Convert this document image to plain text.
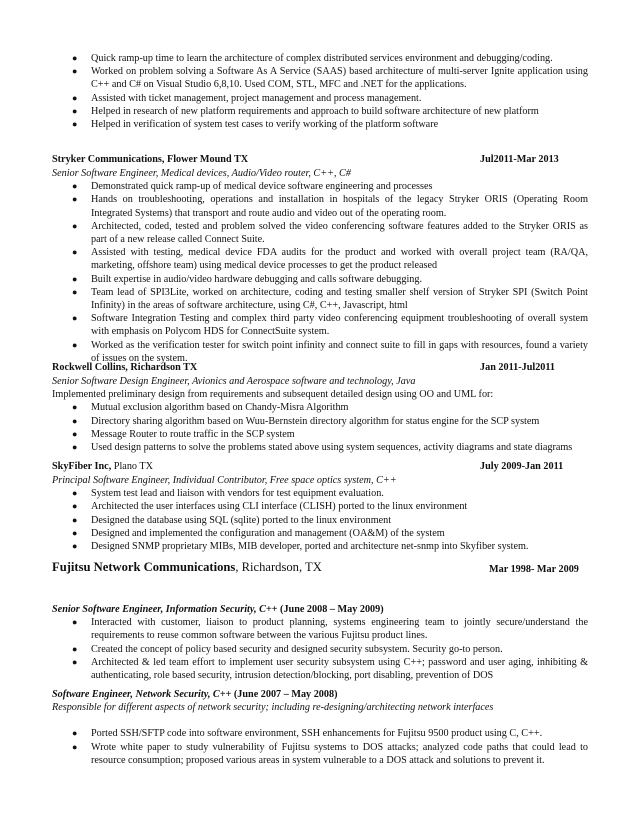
● Quick ramp-up time to learn the architecture of complex distributed services environment and debugging/coding.
● Worked on problem solving a Software As A Service (SAAS) based architecture of multi-server Ignite application using C++ and C# on Visual Studio 6,8,10. Used COM, STL, MFC and .NET for the applications.
● Assisted with ticket management, project management and process management.
● Helped in research of new platform requirements and approach to build software architecture of new platform
● Helped in verification of system test cases to verify working of the platform software
Stryker Communications, Flower Mound TX	Jul2011-Mar 2013
Senior Software Engineer, Medical devices, Audio/Video router, C++, C#
● Demonstrated quick ramp-up of medical device software engineering and processes
● Hands on troubleshooting, operations and installation in hospitals of the legacy Stryker ORIS (Operating Room Integrated Systems) that transport and route audio and video out of the operating room.
● Architected, coded, tested and problem solved the video conferencing software features added to the Stryker ORIS as part of a new release called Connect Suite.
● Assisted with testing, medical device FDA audits for the product and worked with overall project team (RA/QA, marketing, offshore team) using medical device processes to get the product released
● Built expertise in audio/video hardware debugging and calls software debugging.
● Team lead of SPI3Lite, worked on architecture, coding and testing smaller shelf version of Stryker SPI (Switch Point Infinity) in the areas of software architecture, using C#, C++, Javascript, html
● Software Integration Testing and complex third party video conferencing equipment troubleshooting of overall system with emphasis on Polycom HDS for ConnectSuite system.
● Worked as the verification tester for switch point infinity and connect suite to fill in gaps with resources, found a variety of issues on the system.
Rockwell Collins, Richardson TX	Jan 2011-Jul2011
Senior Software Design Engineer, Avionics and Aerospace software and technology, Java
Implemented preliminary design from requirements and subsequent detailed design using OO and UML for:
● Mutual exclusion algorithm based on Chandy-Misra Algorithm
● Directory sharing algorithm based on Wuu-Bernstein directory algorithm for status engine for the SCP system
● Message Router to route traffic in the SCP system
● Used design patterns to solve the problems stated above using system sequences, activity diagrams and state diagrams
SkyFiber Inc, Plano TX	July 2009-Jan 2011
Principal Software Engineer, Individual Contributor, Free space optics system, C++
● System test lead and liaison with vendors for test equipment evaluation.
● Architected the user interfaces using CLI interface (CLISH) ported to the linux environment
● Designed the database using SQL (sqlite) ported to the linux environment
● Designed and implemented the configuration and management (OA&M) of the system
● Designed SNMP proprietary MIBs, MIB developer, ported and architecture net-snmp into Skyfiber system.
Fujitsu Network Communications, Richardson, TX	Mar 1998- Mar 2009
Senior Software Engineer, Information Security, C++ (June 2008 – May 2009)
● Interacted with customer, liaison to product planning, systems engineering team to jointly secure/understand the requirements to reuse common software between the various Fujitsu product lines.
● Created the concept of policy based security and designed security subsystem. Security go-to person.
● Architected & led team effort to implement user security subsystem using C++; password and user aging, inhibiting & authenticating, role based security, intrusion detection/blocking, port disabling, prevention of DOS
Software Engineer, Network Security, C++ (June 2007 – May 2008)
Responsible for different aspects of network security; including re-designing/architecting network interfaces
● Ported SSH/SFTP code into software environment, SSH enhancements for Fujitsu 9500 product using C, C++.
● Wrote white paper to study vulnerability of Fujitsu systems to DOS attacks; analyzed code paths that could lead to resource consumption; proposed various areas in system vulnerable to a DOS attack and solutions to prevent it.
